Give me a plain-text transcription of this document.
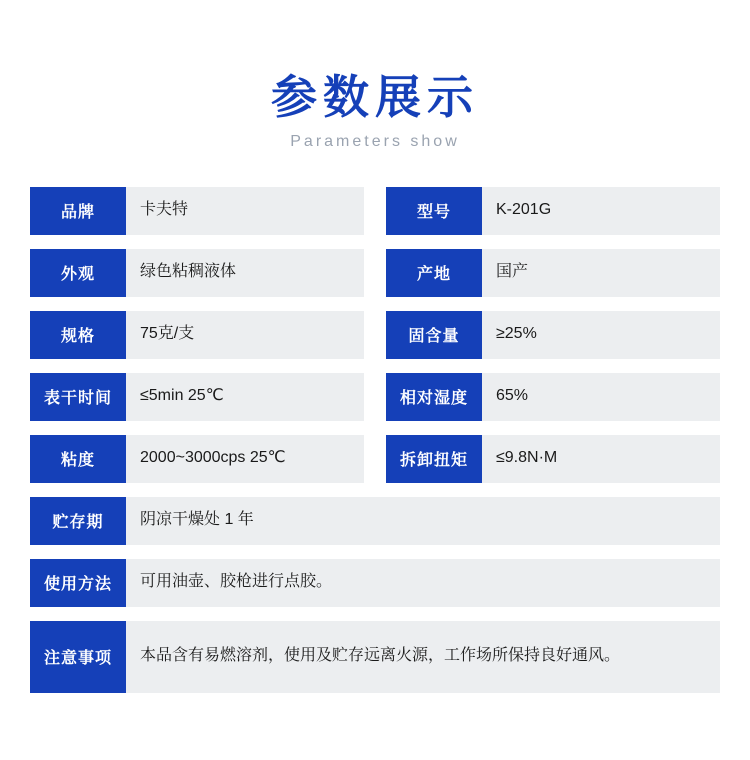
参数展示
Parameters show
品牌	卡夫特	型号	K-201G
外观	绿色粘稠液体	产地	国产
规格	75克/支	固含量	≥25%
表干时间	≤5min 25℃	相对湿度	65%
粘度	2000~3000cps 25℃	拆卸扭矩	≤9.8N·M
贮存期	阴凉干燥处 1 年
使用方法	可用油壶、胶枪进行点胶。
注意事项	本品含有易燃溶剂，使用及贮存远离火源，工作场所保持良好通风。
